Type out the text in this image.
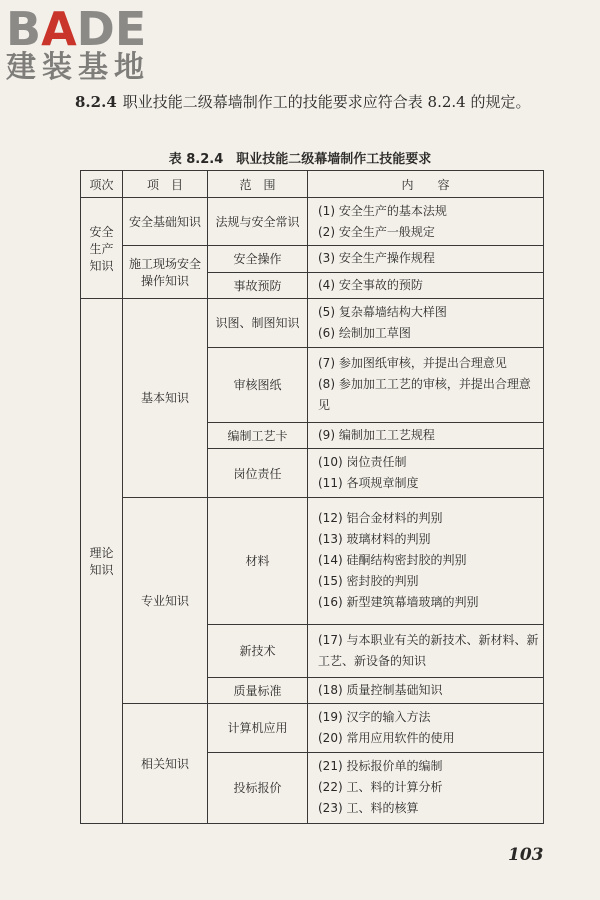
BADE
建装基地
8.2.4 职业技能二级幕墙制作工的技能要求应符合表 8.2.4 的规定。
表 8.2.4　职业技能二级幕墙制作工技能要求
项次	项　目	范　围	内　　容
安全生产知识	安全基础知识	法规与安全常识	(1) 安全生产的基本法规
(2) 安全生产一般规定

	施工现场安全操作知识	安全操作	(3) 安全生产操作规程

		事故预防	(4) 安全事故的预防

理论知识	基本知识	识图、制图知识	(5) 复杂幕墙结构大样图
(6) 绘制加工草图

		审核图纸	(7) 参加图纸审核，并提出合理意见
(8) 参加加工工艺的审核，并提出合理意见

		编制工艺卡	(9) 编制加工工艺规程

		岗位责任	(10) 岗位责任制
(11) 各项规章制度

	专业知识	材料	(12) 铝合金材料的判别
(13) 玻璃材料的判别
(14) 硅酮结构密封胶的判别
(15) 密封胶的判别
(16) 新型建筑幕墙玻璃的判别

		新技术	(17) 与本职业有关的新技术、新材料、新工艺、新设备的知识

		质量标准	(18) 质量控制基础知识

	相关知识	计算机应用	(19) 汉字的输入方法
(20) 常用应用软件的使用

		投标报价	(21) 投标报价单的编制
(22) 工、料的计算分析
(23) 工、料的核算
103
